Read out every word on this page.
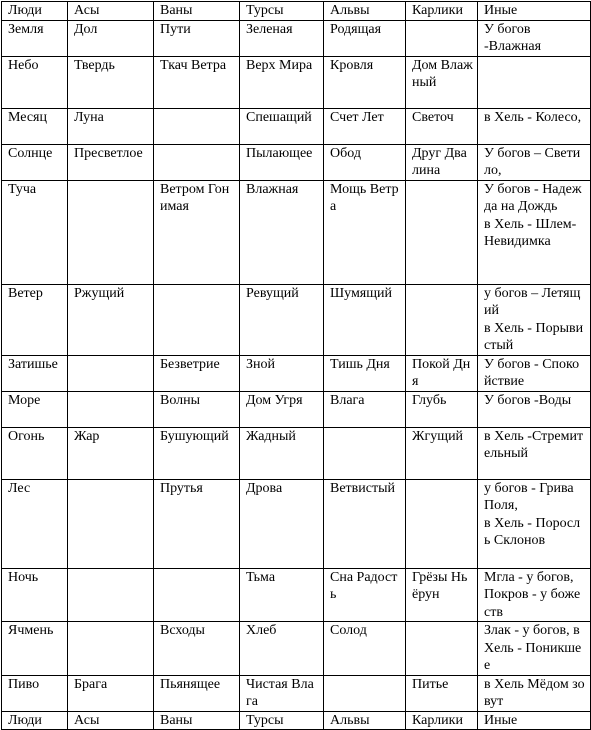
Люди	Асы	Ваны	Турсы	Альвы	Карлики	Иные

Земля	Дол	Пути	Зеленая	Родящая		У богов
-Влажная

Небо	Твердь	Ткач Ветра	Верх Мира	Кровля	Дом Влажный	

Месяц	Луна		Спешащий	Счет Лет	Светоч	в Хель - Колесо,

Солнце	Пресветлое		Пылающее	Обод	Друг Двалина	У богов – Светило,

Туча		Ветром Гонимая	Влажная	Мощь Ветра		У богов - Надежда на Дождь
в Хель - Шлем-Невидимка

Ветер	Ржущий		Ревущий	Шумящий		у богов – Летящий
в Хель - Порывистый

Затишье		Безветрие	Зной	Тишь Дня	Покой Дня	У богов - Спокойствие

Море		Волны	Дом Угря	Влага	Глубь	У богов -Воды

Огонь	Жар	Бушующий	Жадный		Жгущий	в Хель -Стремительный

Лес		Прутья	Дрова	Ветвистый		у богов - Грива Поля,
в Хель - Поросль Склонов

Ночь			Тьма	Сна Радость	Грёзы Ньёрун	Мгла - у богов, Покров - у божеств

Ячмень		Всходы	Хлеб	Солод		Злак - у богов, в Хель - Поникшее

Пиво	Брага	Пьянящее	Чистая Влага		Питье	в Хель Мёдом зовут

Люди	Асы	Ваны	Турсы	Альвы	Карлики	Иные
